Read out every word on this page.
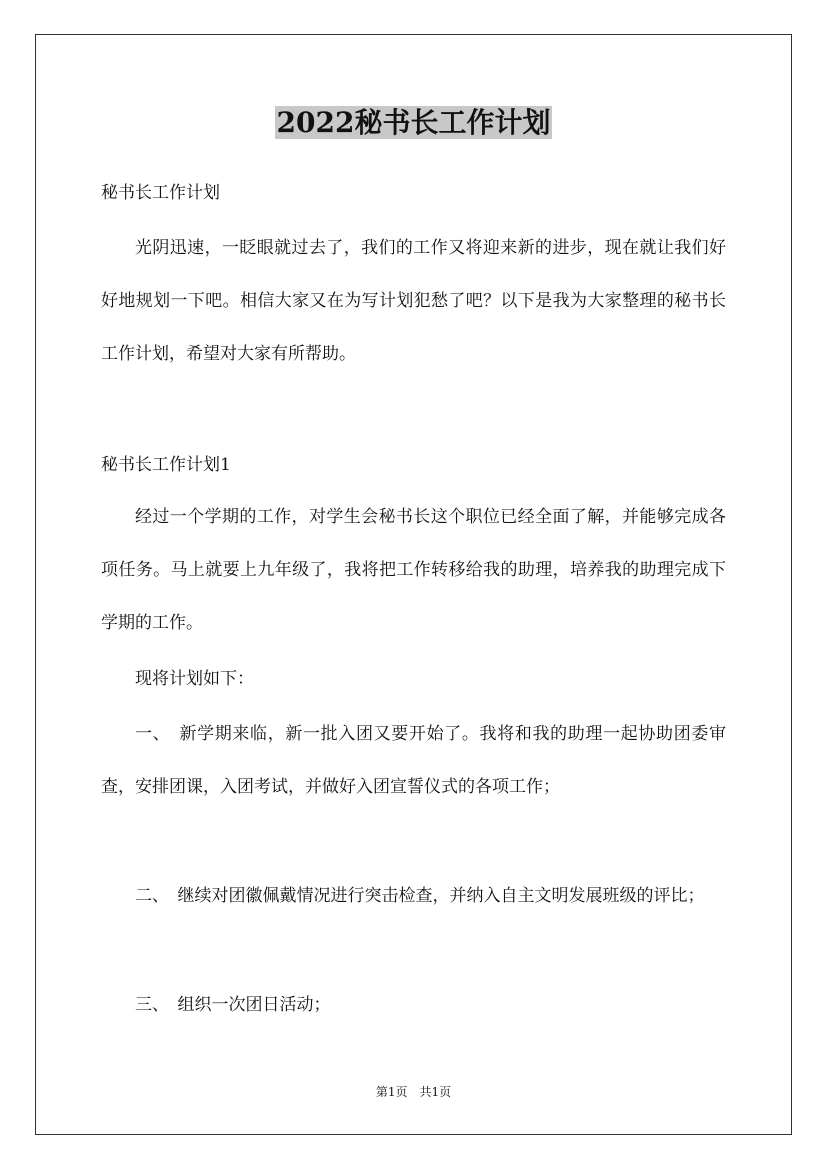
2022秘书长工作计划

秘书长工作计划

光阴迅速，一眨眼就过去了，我们的工作又将迎来新的进步，现在就让我们好好地规划一下吧。相信大家又在为写计划犯愁了吧？以下是我为大家整理的秘书长工作计划，希望对大家有所帮助。

秘书长工作计划1

经过一个学期的工作，对学生会秘书长这个职位已经全面了解，并能够完成各项任务。马上就要上九年级了，我将把工作转移给我的助理，培养我的助理完成下学期的工作。

现将计划如下：

一、　新学期来临，新一批入团又要开始了。我将和我的助理一起协助团委审查，安排团课，入团考试，并做好入团宣誓仪式的各项工作；

二、　继续对团徽佩戴情况进行突击检查，并纳入自主文明发展班级的评比；

三、　组织一次团日活动；

第1页　共1页
